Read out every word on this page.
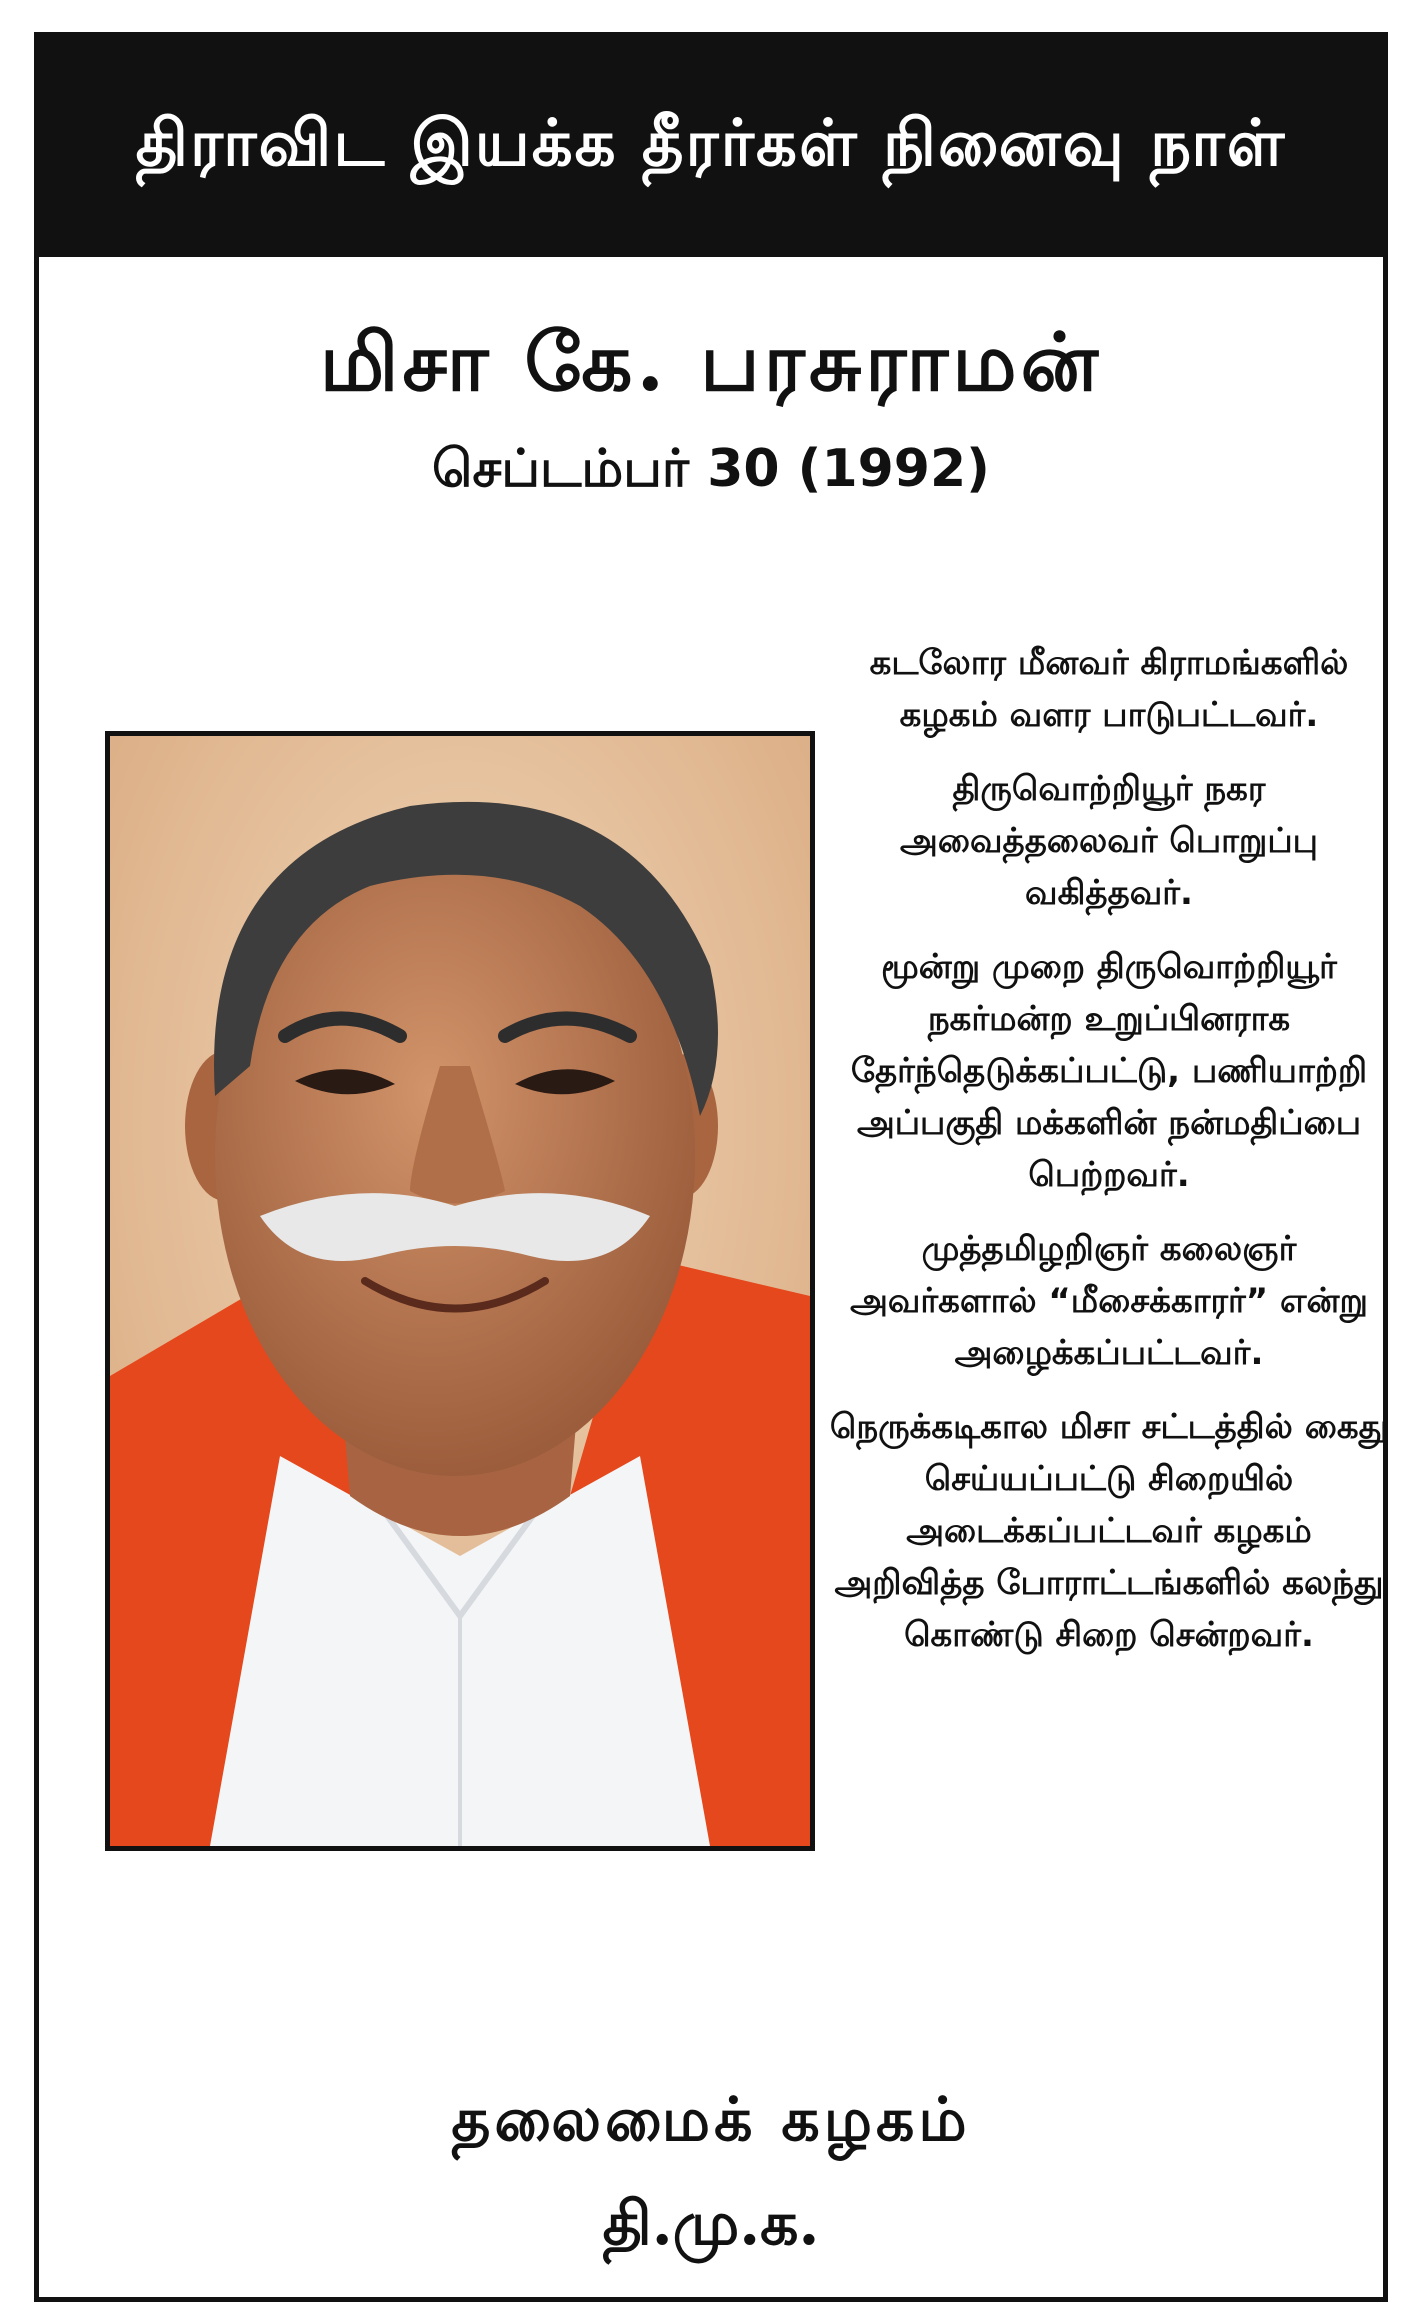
திராவிட இயக்க தீரர்கள் நினைவு நாள்
மிசா கே. பரசுராமன்
செப்டம்பர் 30 (1992)

கடலோர மீனவர் கிராமங்களில் கழகம் வளர பாடுபட்டவர்.

திருவொற்றியூர் நகர அவைத்தலைவர் பொறுப்பு வகித்தவர்.

மூன்று முறை திருவொற்றியூர் நகர்மன்ற உறுப்பினராக தேர்ந்தெடுக்கப்பட்டு, பணியாற்றி அப்பகுதி மக்களின் நன்மதிப்பை பெற்றவர்.

முத்தமிழறிஞர் கலைஞர் அவர்களால் “மீசைக்காரர்” என்று அழைக்கப்பட்டவர்.

நெருக்கடிகால மிசா சட்டத்தில் கைது செய்யப்பட்டு சிறையில் அடைக்கப்பட்டவர் கழகம் அறிவித்த போராட்டங்களில் கலந்து கொண்டு சிறை சென்றவர்.

தலைமைக் கழகம்
தி.மு.க.
